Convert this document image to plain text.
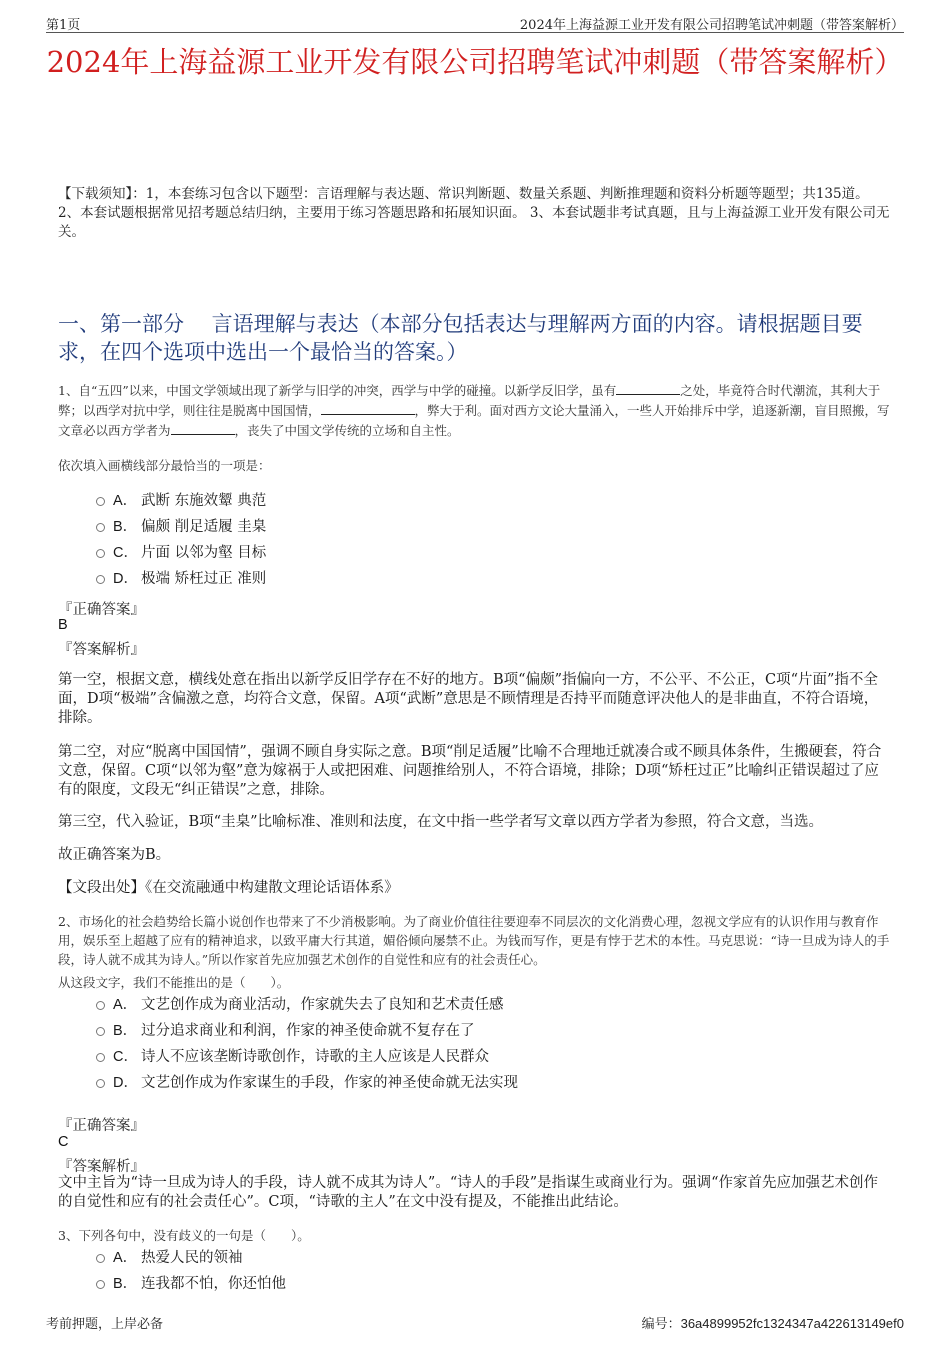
第1页	2024年上海益源工业开发有限公司招聘笔试冲刺题（带答案解析）
2024年上海益源工业开发有限公司招聘笔试冲刺题（带答案解析）
【下载须知】：1，本套练习包含以下题型：言语理解与表达题、常识判断题、数量关系题、判断推理题和资料分析题等题型；共135道。 2、本套试题根据常见招考题总结归纳，主要用于练习答题思路和拓展知识面。 3、本套试题非考试真题，且与上海益源工业开发有限公司无关。
一、第一部分　 言语理解与表达（本部分包括表达与理解两方面的内容。请根据题目要求，在四个选项中选出一个最恰当的答案。）
1、自“五四”以来，中国文学领域出现了新学与旧学的冲突，西学与中学的碰撞。以新学反旧学，虽有	之处，毕竟符合时代潮流，其利大于弊；以西学对抗中学，则往往是脱离中国国情，	，弊大于利。面对西方文论大量涌入，一些人开始排斥中学，追逐新潮，盲目照搬，写文章必以西方学者为	，丧失了中国文学传统的立场和自主性。
依次填入画横线部分最恰当的一项是：
A． 武断 东施效颦 典范
B． 偏颇 削足适履 圭臬
C． 片面 以邻为壑 目标
D． 极端 矫枉过正 准则
『正确答案』
B
『答案解析』
第一空，根据文意，横线处意在指出以新学反旧学存在不好的地方。B项“偏颇”指偏向一方，不公平、不公正，C项“片面”指不全面，D项“极端”含偏激之意，均符合文意，保留。A项“武断”意思是不顾情理是否持平而随意评决他人的是非曲直，不符合语境，排除。
第二空，对应“脱离中国国情”，强调不顾自身实际之意。B项“削足适履”比喻不合理地迁就凑合或不顾具体条件，生搬硬套，符合文意，保留。C项“以邻为壑”意为嫁祸于人或把困难、问题推给别人，不符合语境，排除；D项“矫枉过正”比喻纠正错误超过了应有的限度，文段无“纠正错误”之意，排除。
第三空，代入验证，B项“圭臬”比喻标准、准则和法度，在文中指一些学者写文章以西方学者为参照，符合文意，当选。
故正确答案为B。
【文段出处】《在交流融通中构建散文理论话语体系》
2、市场化的社会趋势给长篇小说创作也带来了不少消极影响。为了商业价值往往要迎奉不同层次的文化消费心理，忽视文学应有的认识作用与教育作用，娱乐至上超越了应有的精神追求，以致平庸大行其道，媚俗倾向屡禁不止。为钱而写作，更是有悖于艺术的本性。马克思说：“诗一旦成为诗人的手段，诗人就不成其为诗人。”所以作家首先应加强艺术创作的自觉性和应有的社会责任心。
从这段文字，我们不能推出的是（　　）。
A． 文艺创作成为商业活动，作家就失去了良知和艺术责任感
B． 过分追求商业和利润，作家的神圣使命就不复存在了
C． 诗人不应该垄断诗歌创作，诗歌的主人应该是人民群众
D． 文艺创作成为作家谋生的手段，作家的神圣使命就无法实现
『正确答案』
C
『答案解析』
文中主旨为“诗一旦成为诗人的手段，诗人就不成其为诗人”。“诗人的手段”是指谋生或商业行为。强调“作家首先应加强艺术创作的自觉性和应有的社会责任心”。C项，“诗歌的主人”在文中没有提及，不能推出此结论。
3、下列各句中，没有歧义的一句是（　　）。
A． 热爱人民的领袖
B． 连我都不怕，你还怕他
考前押题，上岸必备	编号：36a4899952fc1324347a422613149ef0
